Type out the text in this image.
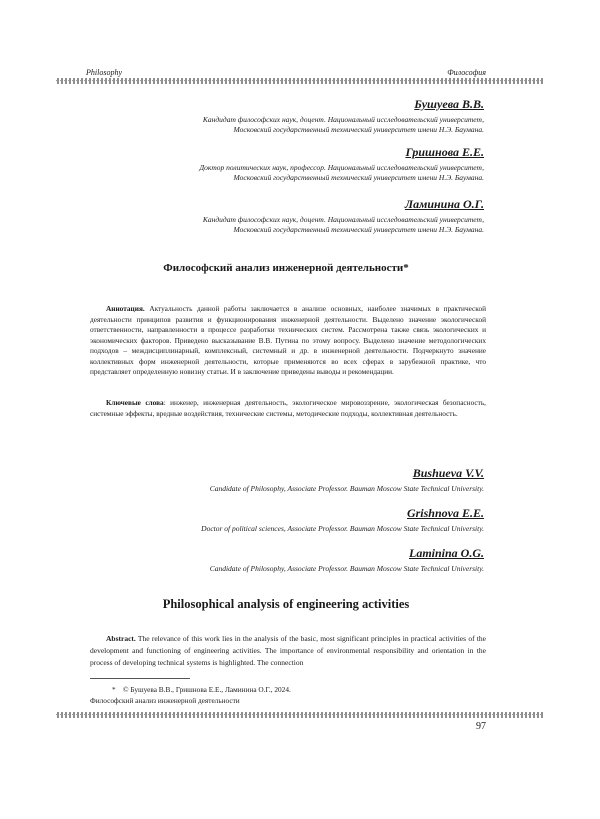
Philosophy	Философия

Бушуева В.В.

Кандидат философских наук, доцент. Национальный исследовательский университет,
Московский государственный технический университет имени Н.Э. Баумана.

Гришнова Е.Е.

Доктор политических наук, профессор. Национальный исследовательский университет,
Московский государственный технический университет имени Н.Э. Баумана.

Ламинина О.Г.

Кандидат философских наук, доцент. Национальный исследовательский университет,
Московский государственный технический университет имени Н.Э. Баумана.

Философский анализ инженерной деятельности*
Аннотация. Актуальность данной работы заключается в анализе основных, наиболее значимых в практической деятельности принципов развития и функционирования инженерной деятельности. Выделено значение экологической ответственности, направленности в процессе разработки технических систем. Рассмотрена также связь экологических и экономических факторов. Приведено высказывание В.В. Путина по этому вопросу. Выделено значение методологических подходов – междисциплинарный, комплексный, системный и др. в инженерной деятельности. Подчеркнуто значение коллективных форм инженерной деятельности, которые применяются во всех сферах в зарубежной практике, что представляет определенную новизну статьи. И в заключение приведены выводы и рекомендации.
Ключевые слова: инженер, инженерная деятельность, экологическое мировоззрение, экологическая безопасность, системные эффекты, вредные воздействия, технические системы, методические подходы, коллективная деятельность.

Bushueva V.V.

Candidate of Philosophy, Associate Professor. Bauman Moscow State Technical University.

Grishnova E.E.

Doctor of political sciences, Associate Professor. Bauman Moscow State Technical University.

Laminina O.G.

Candidate of Philosophy, Associate Professor. Bauman Moscow State Technical University.

Philosophical analysis of engineering activities
Abstract. The relevance of this work lies in the analysis of the basic, most significant principles in practical activities of the development and functioning of engineering activities. The importance of environmental responsibility and orientation in the process of developing technical systems is highlighted. The connection
* © Бушуева В.В., Гришнова Е.Е., Ламинина О.Г., 2024.
Философский анализ инженерной деятельности
97
